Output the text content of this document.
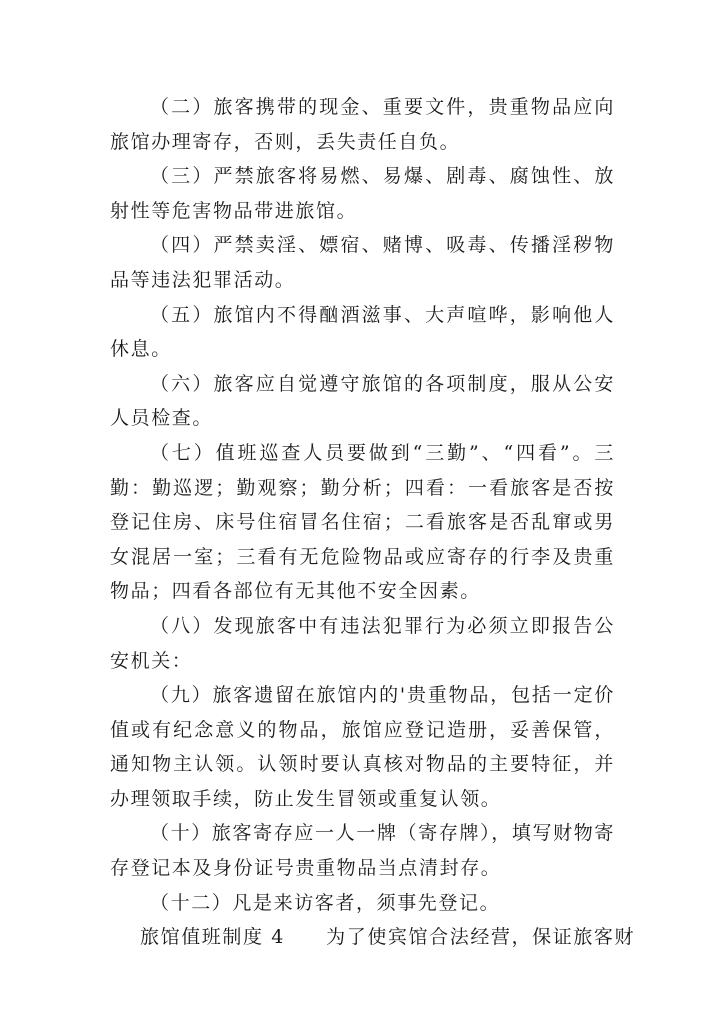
（二）旅客携带的现金、重要文件，贵重物品应向旅馆办理寄存，否则，丢失责任自负。

（三）严禁旅客将易燃、易爆、剧毒、腐蚀性、放射性等危害物品带进旅馆。

（四）严禁卖淫、嫖宿、赌博、吸毒、传播淫秽物品等违法犯罪活动。

（五）旅馆内不得酗酒滋事、大声喧哗，影响他人休息。

（六）旅客应自觉遵守旅馆的各项制度，服从公安人员检查。

（七）值班巡查人员要做到“三勤”、“四看”。三勤：勤巡逻；勤观察；勤分析；四看：一看旅客是否按登记住房、床号住宿冒名住宿；二看旅客是否乱窜或男女混居一室；三看有无危险物品或应寄存的行李及贵重物品；四看各部位有无其他不安全因素。

（八）发现旅客中有违法犯罪行为必须立即报告公安机关：

（九）旅客遗留在旅馆内的'贵重物品，包括一定价值或有纪念意义的物品，旅馆应登记造册，妥善保管，通知物主认领。认领时要认真核对物品的主要特征，并办理领取手续，防止发生冒领或重复认领。

（十）旅客寄存应一人一牌（寄存牌），填写财物寄存登记本及身份证号贵重物品当点清封存。

（十二）凡是来访客者，须事先登记。

旅馆值班制度 4　　为了使宾馆合法经营，保证旅客财
